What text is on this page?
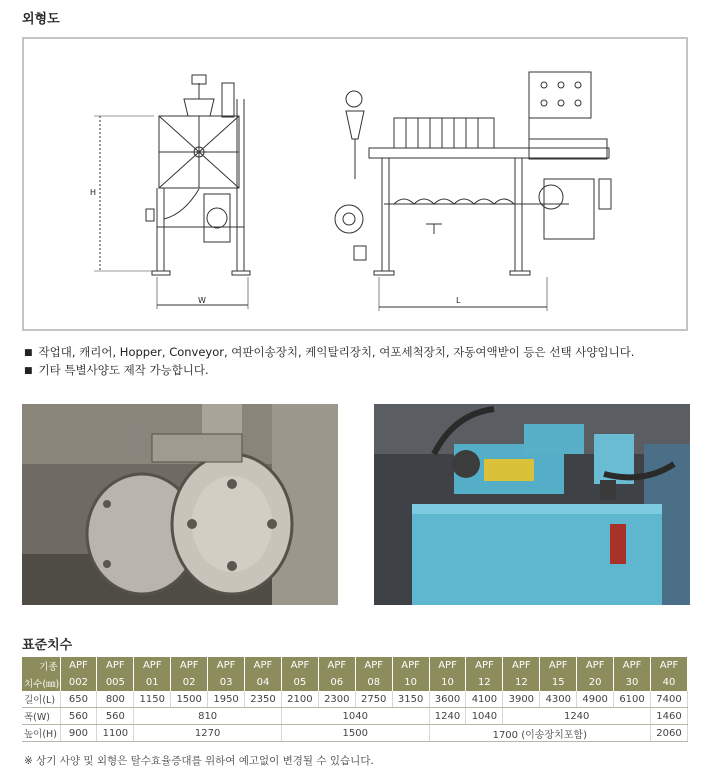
외형도
H
W	L
■ 작업대, 캐리어, Hopper, Conveyor, 여판이송장치, 케익탈리장치, 여포세척장치, 자동여액받이 등은 선택 사양입니다.
■ 기타 특별사양도 제작 가능합니다.
표준치수
기종	APF	APF	APF	APF	APF	APF	APF	APF	APF	APF	APF	APF	APF	APF	APF	APF	APF
치수(㎜)	002	005	01	02	03	04	05	06	08	10	10	12	12	15	20	30	40
길이(L)	650	800	1150	1500	1950	2350	2100	2300	2750	3150	3600	4100	3900	4300	4900	6100	7400
폭(W)	560	560	810				1040				1240	1040	1240				1460
높이(H)	900	1100	1270				1500				1700 (이송장치포함)						2060
※ 상기 사양 및 외형은 탈수효율증대를 위하여 예고없이 변경될 수 있습니다.
